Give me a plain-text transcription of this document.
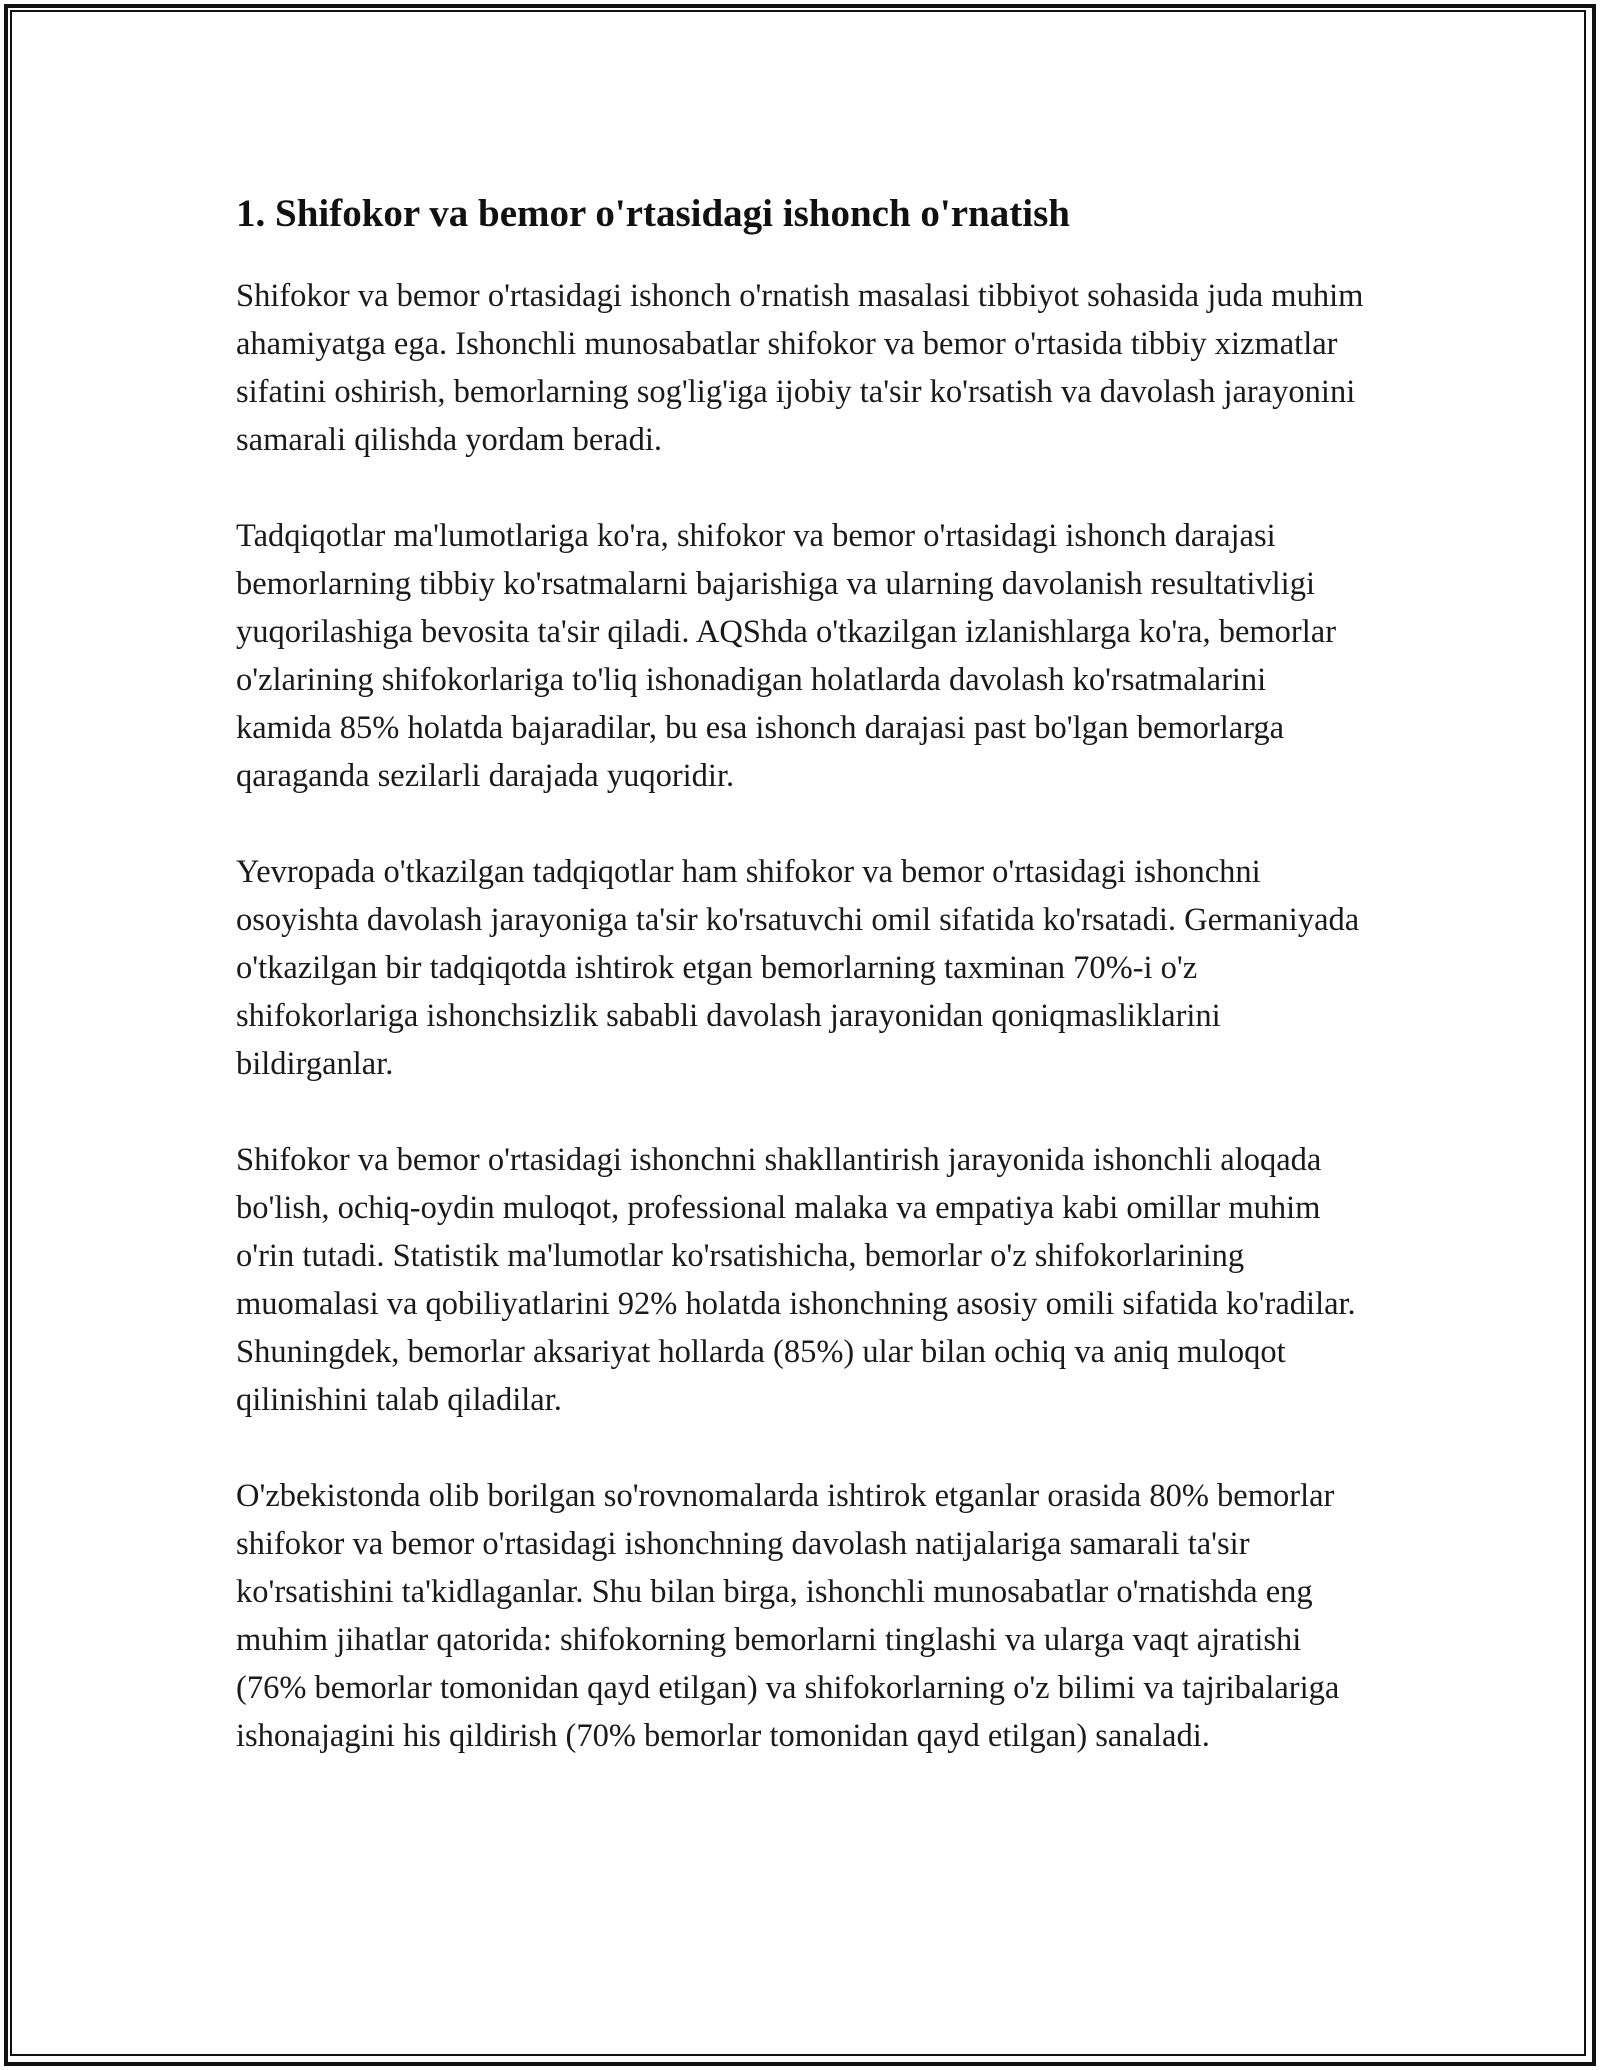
1. Shifokor va bemor o'rtasidagi ishonch o'rnatish

Shifokor va bemor o'rtasidagi ishonch o'rnatish masalasi tibbiyot sohasida juda muhim ahamiyatga ega. Ishonchli munosabatlar shifokor va bemor o'rtasida tibbiy xizmatlar sifatini oshirish, bemorlarning sog'lig'iga ijobiy ta'sir ko'rsatish va davolash jarayonini samarali qilishda yordam beradi.

Tadqiqotlar ma'lumotlariga ko'ra, shifokor va bemor o'rtasidagi ishonch darajasi bemorlarning tibbiy ko'rsatmalarni bajarishiga va ularning davolanish resultativligi yuqorilashiga bevosita ta'sir qiladi. AQShda o'tkazilgan izlanishlarga ko'ra, bemorlar o'zlarining shifokorlariga to'liq ishonadigan holatlarda davolash ko'rsatmalarini kamida 85% holatda bajaradilar, bu esa ishonch darajasi past bo'lgan bemorlarga qaraganda sezilarli darajada yuqoridir.

Yevropada o'tkazilgan tadqiqotlar ham shifokor va bemor o'rtasidagi ishonchni osoyishta davolash jarayoniga ta'sir ko'rsatuvchi omil sifatida ko'rsatadi. Germaniyada o'tkazilgan bir tadqiqotda ishtirok etgan bemorlarning taxminan 70%-i o'z shifokorlariga ishonchsizlik sababli davolash jarayonidan qoniqmasliklarini bildirganlar.

Shifokor va bemor o'rtasidagi ishonchni shakllantirish jarayonida ishonchli aloqada bo'lish, ochiq-oydin muloqot, professional malaka va empatiya kabi omillar muhim o'rin tutadi. Statistik ma'lumotlar ko'rsatishicha, bemorlar o'z shifokorlarining muomalasi va qobiliyatlarini 92% holatda ishonchning asosiy omili sifatida ko'radilar. Shuningdek, bemorlar aksariyat hollarda (85%) ular bilan ochiq va aniq muloqot qilinishini talab qiladilar.

O'zbekistonda olib borilgan so'rovnomalarda ishtirok etganlar orasida 80% bemorlar shifokor va bemor o'rtasidagi ishonchning davolash natijalariga samarali ta'sir ko'rsatishini ta'kidlaganlar. Shu bilan birga, ishonchli munosabatlar o'rnatishda eng muhim jihatlar qatorida: shifokorning bemorlarni tinglashi va ularga vaqt ajratishi (76% bemorlar tomonidan qayd etilgan) va shifokorlarning o'z bilimi va tajribalariga ishonajagini his qildirish (70% bemorlar tomonidan qayd etilgan) sanaladi.
